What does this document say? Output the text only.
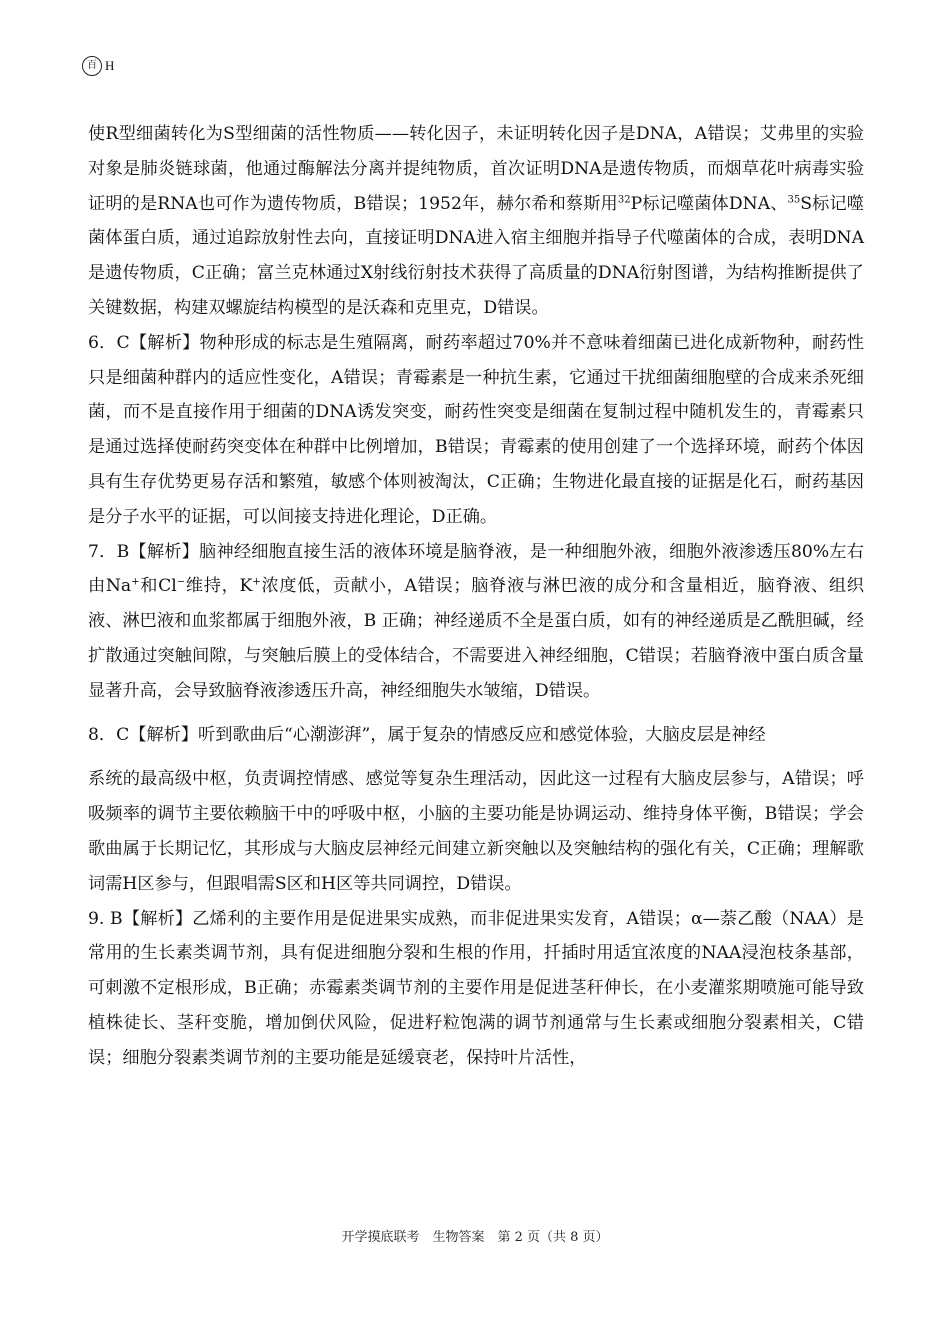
百 H

使R型细菌转化为S型细菌的活性物质——转化因子，未证明转化因子是DNA，A错误；艾弗里的实验对象是肺炎链球菌，他通过酶解法分离并提纯物质，首次证明DNA是遗传物质，而烟草花叶病毒实验证明的是RNA也可作为遗传物质，B错误；1952年，赫尔希和蔡斯用$^{32}$P标记噬菌体DNA、$^{35}$S标记噬菌体蛋白质，通过追踪放射性去向，直接证明DNA进入宿主细胞并指导子代噬菌体的合成，表明DNA是遗传物质，C正确；富兰克林通过X射线衍射技术获得了高质量的DNA衍射图谱，为结构推断提供了关键数据，构建双螺旋结构模型的是沃森和克里克，D错误。

6．C【解析】物种形成的标志是生殖隔离，耐药率超过70%并不意味着细菌已进化成新物种，耐药性只是细菌种群内的适应性变化，A错误；青霉素是一种抗生素，它通过干扰细菌细胞壁的合成来杀死细菌，而不是直接作用于细菌的DNA诱发突变，耐药性突变是细菌在复制过程中随机发生的，青霉素只是通过选择使耐药突变体在种群中比例增加，B错误；青霉素的使用创建了一个选择环境，耐药个体因具有生存优势更易存活和繁殖，敏感个体则被淘汰，C正确；生物进化最直接的证据是化石，耐药基因是分子水平的证据，可以间接支持进化理论，D正确。

7．B【解析】脑神经细胞直接生活的液体环境是脑脊液，是一种细胞外液，细胞外液渗透压80%左右由Na+和Cl−维持，K+浓度低，贡献小，A错误；脑脊液与淋巴液的成分和含量相近，脑脊液、组织液、淋巴液和血浆都属于细胞外液，B 正确；神经递质不全是蛋白质，如有的神经递质是乙酰胆碱，经扩散通过突触间隙，与突触后膜上的受体结合，不需要进入神经细胞，C错误；若脑脊液中蛋白质含量显著升高，会导致脑脊液渗透压升高，神经细胞失水皱缩，D错误。

8．C【解析】听到歌曲后“心潮澎湃”，属于复杂的情感反应和感觉体验，大脑皮层是神经
系统的最高级中枢，负责调控情感、感觉等复杂生理活动，因此这一过程有大脑皮层参与，A错误；呼吸频率的调节主要依赖脑干中的呼吸中枢，小脑的主要功能是协调运动、维持身体平衡，B错误；学会歌曲属于长期记忆，其形成与大脑皮层神经元间建立新突触以及突触结构的强化有关，C正确；理解歌词需H区参与，但跟唱需S区和H区等共同调控，D错误。

9. B【解析】乙烯利的主要作用是促进果实成熟，而非促进果实发育，A错误；α—萘乙酸（NAA）是常用的生长素类调节剂，具有促进细胞分裂和生根的作用，扦插时用适宜浓度的NAA浸泡枝条基部，可刺激不定根形成，B正确；赤霉素类调节剂的主要作用是促进茎秆伸长，在小麦灌浆期喷施可能导致植株徒长、茎秆变脆，增加倒伏风险，促进籽粒饱满的调节剂通常与生长素或细胞分裂素相关，C错误；细胞分裂素类调节剂的主要功能是延缓衰老，保持叶片活性，

开学摸底联考　生物答案　第 2 页（共 8 页）
